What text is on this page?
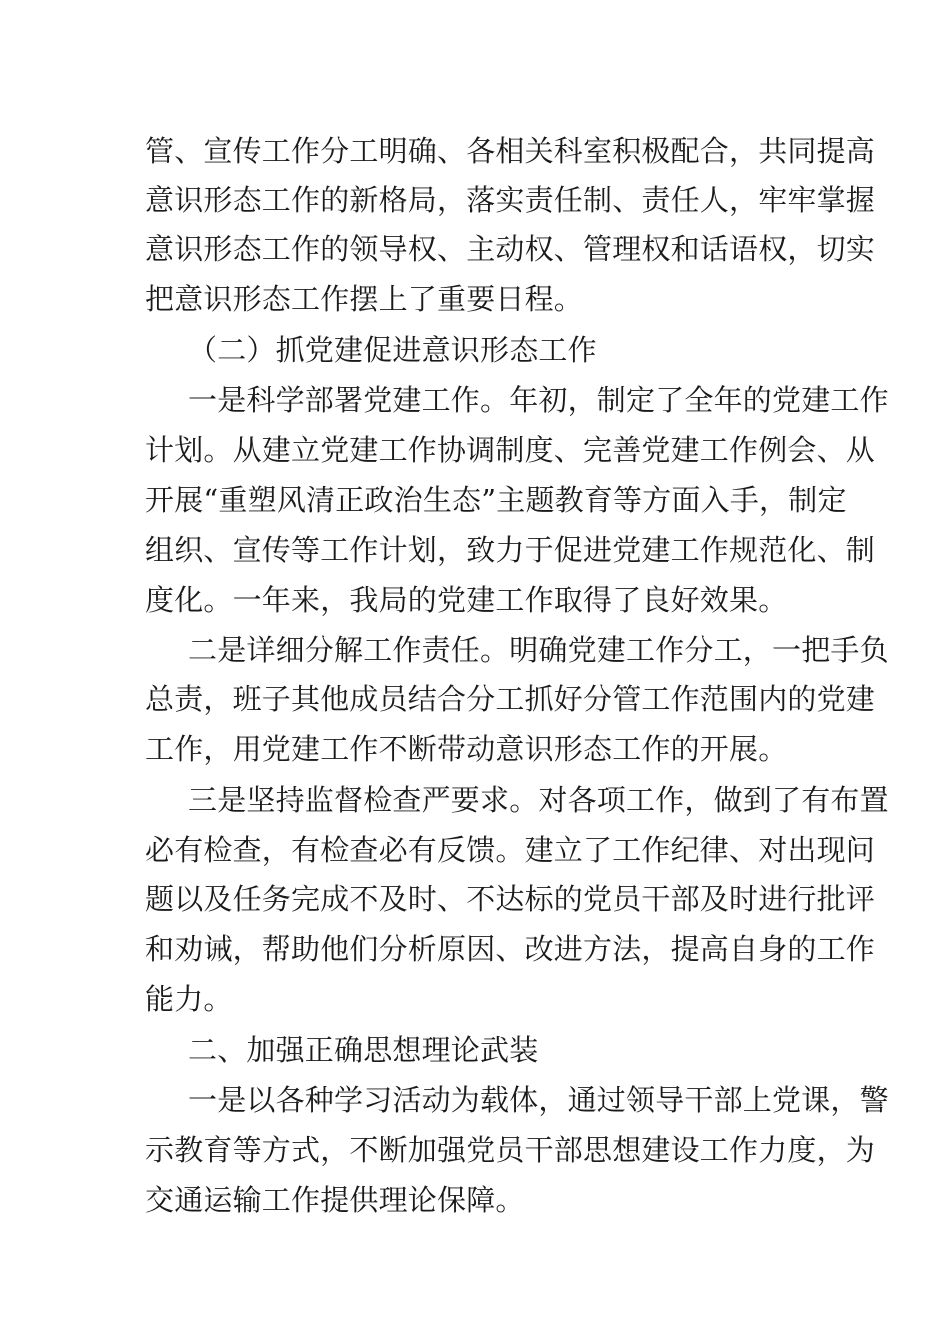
管、宣传工作分工明确、各相关科室积极配合，共同提高
意识形态工作的新格局，落实责任制、责任人，牢牢掌握
意识形态工作的领导权、主动权、管理权和话语权，切实
把意识形态工作摆上了重要日程。
（二）抓党建促进意识形态工作
一是科学部署党建工作。年初，制定了全年的党建工作
计划。从建立党建工作协调制度、完善党建工作例会、从
开展“重塑风清正政治生态”主题教育等方面入手，制定
组织、宣传等工作计划，致力于促进党建工作规范化、制
度化。一年来，我局的党建工作取得了良好效果。
二是详细分解工作责任。明确党建工作分工，一把手负
总责，班子其他成员结合分工抓好分管工作范围内的党建
工作，用党建工作不断带动意识形态工作的开展。
三是坚持监督检查严要求。对各项工作，做到了有布置
必有检查，有检查必有反馈。建立了工作纪律、对出现问
题以及任务完成不及时、不达标的党员干部及时进行批评
和劝诫，帮助他们分析原因、改进方法，提高自身的工作
能力。
二、加强正确思想理论武装
一是以各种学习活动为载体，通过领导干部上党课，警
示教育等方式，不断加强党员干部思想建设工作力度，为
交通运输工作提供理论保障。
